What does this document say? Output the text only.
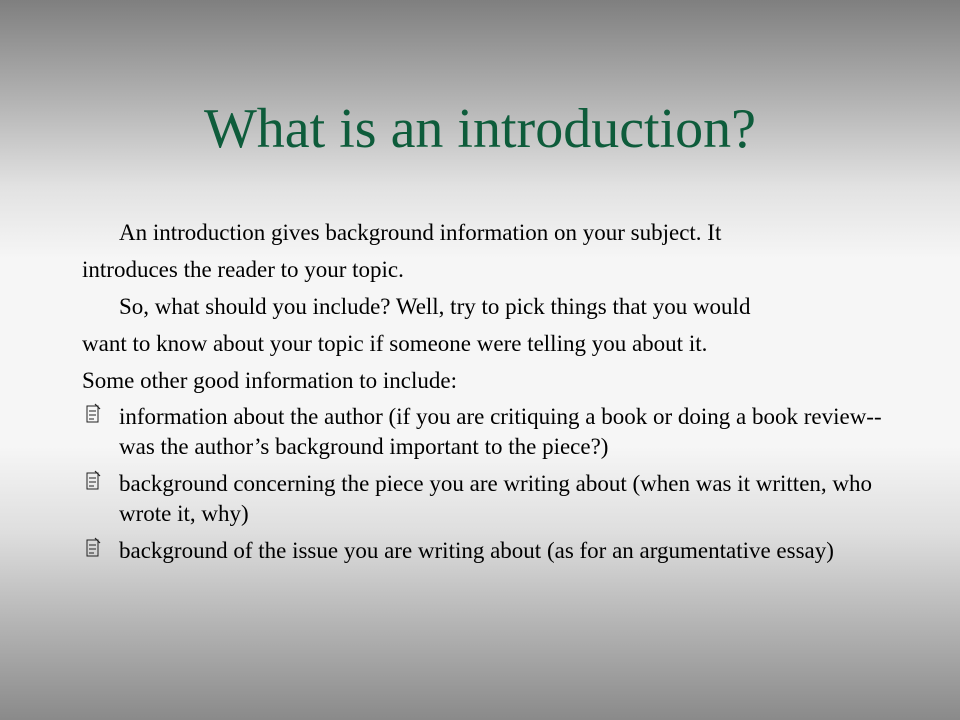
What is an introduction?

An introduction gives background information on your subject. It

introduces the reader to your topic.

So, what should you include? Well, try to pick things that you would

want to know about your topic if someone were telling you about it.

Some other good information to include:

information about the author (if you are critiquing a book or doing a book review--was the author’s background important to the piece?)
background concerning the piece you are writing about (when was it written, who wrote it, why)
background of the issue you are writing about (as for an argumentative essay)
